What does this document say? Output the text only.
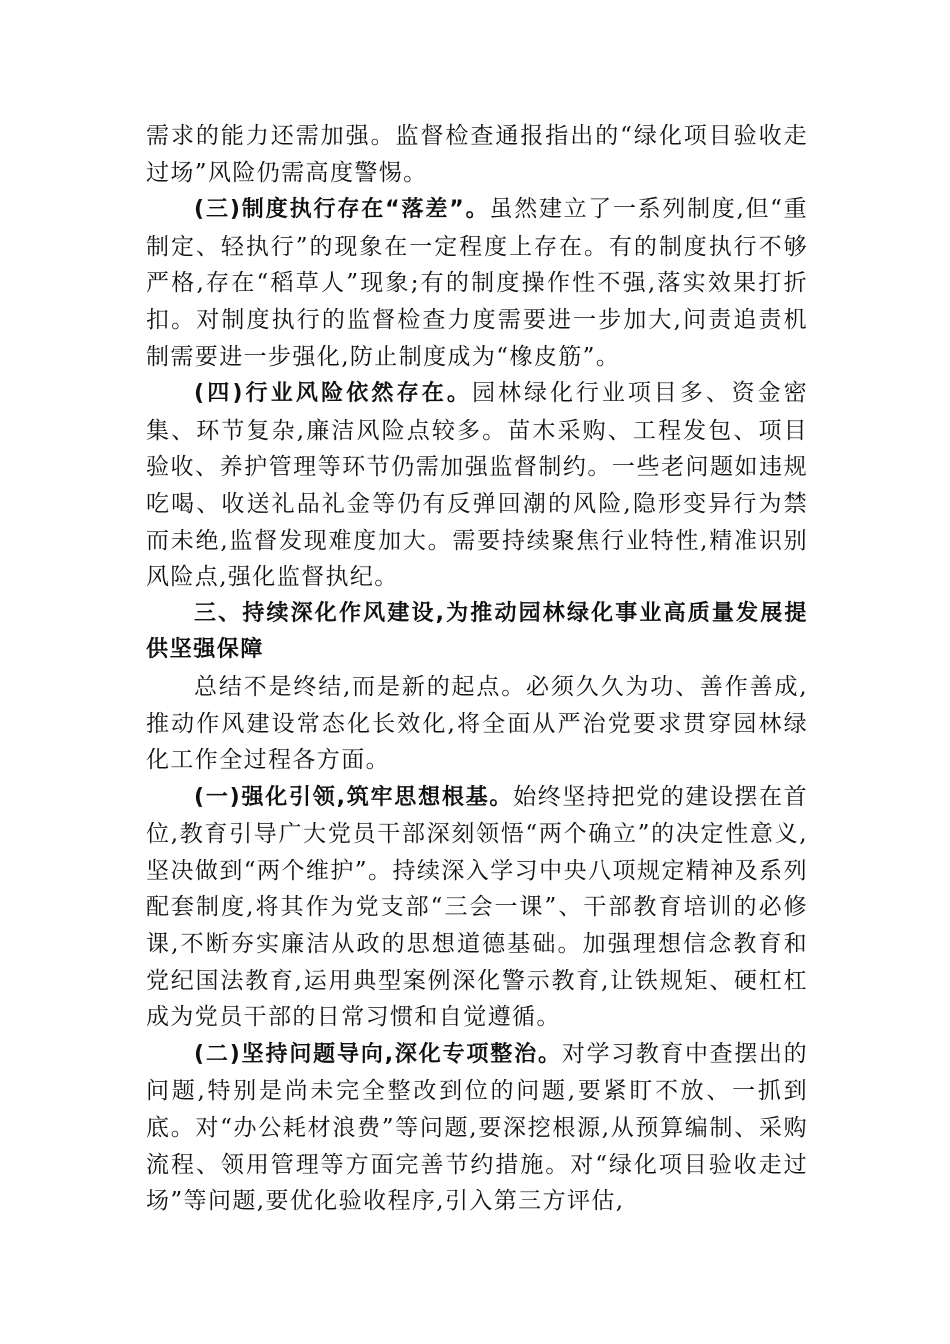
需求的能力还需加强。监督检查通报指出的“绿化项目验收走过场”风险仍需高度警惕。

(三)制度执行存在“落差”。虽然建立了一系列制度,但“重制定、轻执行”的现象在一定程度上存在。有的制度执行不够严格,存在“稻草人”现象;有的制度操作性不强,落实效果打折扣。对制度执行的监督检查力度需要进一步加大,问责追责机制需要进一步强化,防止制度成为“橡皮筋”。

(四)行业风险依然存在。园林绿化行业项目多、资金密集、环节复杂,廉洁风险点较多。苗木采购、工程发包、项目验收、养护管理等环节仍需加强监督制约。一些老问题如违规吃喝、收送礼品礼金等仍有反弹回潮的风险,隐形变异行为禁而未绝,监督发现难度加大。需要持续聚焦行业特性,精准识别风险点,强化监督执纪。

三、持续深化作风建设,为推动园林绿化事业高质量发展提供坚强保障

总结不是终结,而是新的起点。必须久久为功、善作善成,推动作风建设常态化长效化,将全面从严治党要求贯穿园林绿化工作全过程各方面。

(一)强化引领,筑牢思想根基。始终坚持把党的建设摆在首位,教育引导广大党员干部深刻领悟“两个确立”的决定性意义,坚决做到“两个维护”。持续深入学习中央八项规定精神及系列配套制度,将其作为党支部“三会一课”、干部教育培训的必修课,不断夯实廉洁从政的思想道德基础。加强理想信念教育和党纪国法教育,运用典型案例深化警示教育,让铁规矩、硬杠杠成为党员干部的日常习惯和自觉遵循。

(二)坚持问题导向,深化专项整治。对学习教育中查摆出的问题,特别是尚未完全整改到位的问题,要紧盯不放、一抓到底。对“办公耗材浪费”等问题,要深挖根源,从预算编制、采购流程、领用管理等方面完善节约措施。对“绿化项目验收走过场”等问题,要优化验收程序,引入第三方评估,
